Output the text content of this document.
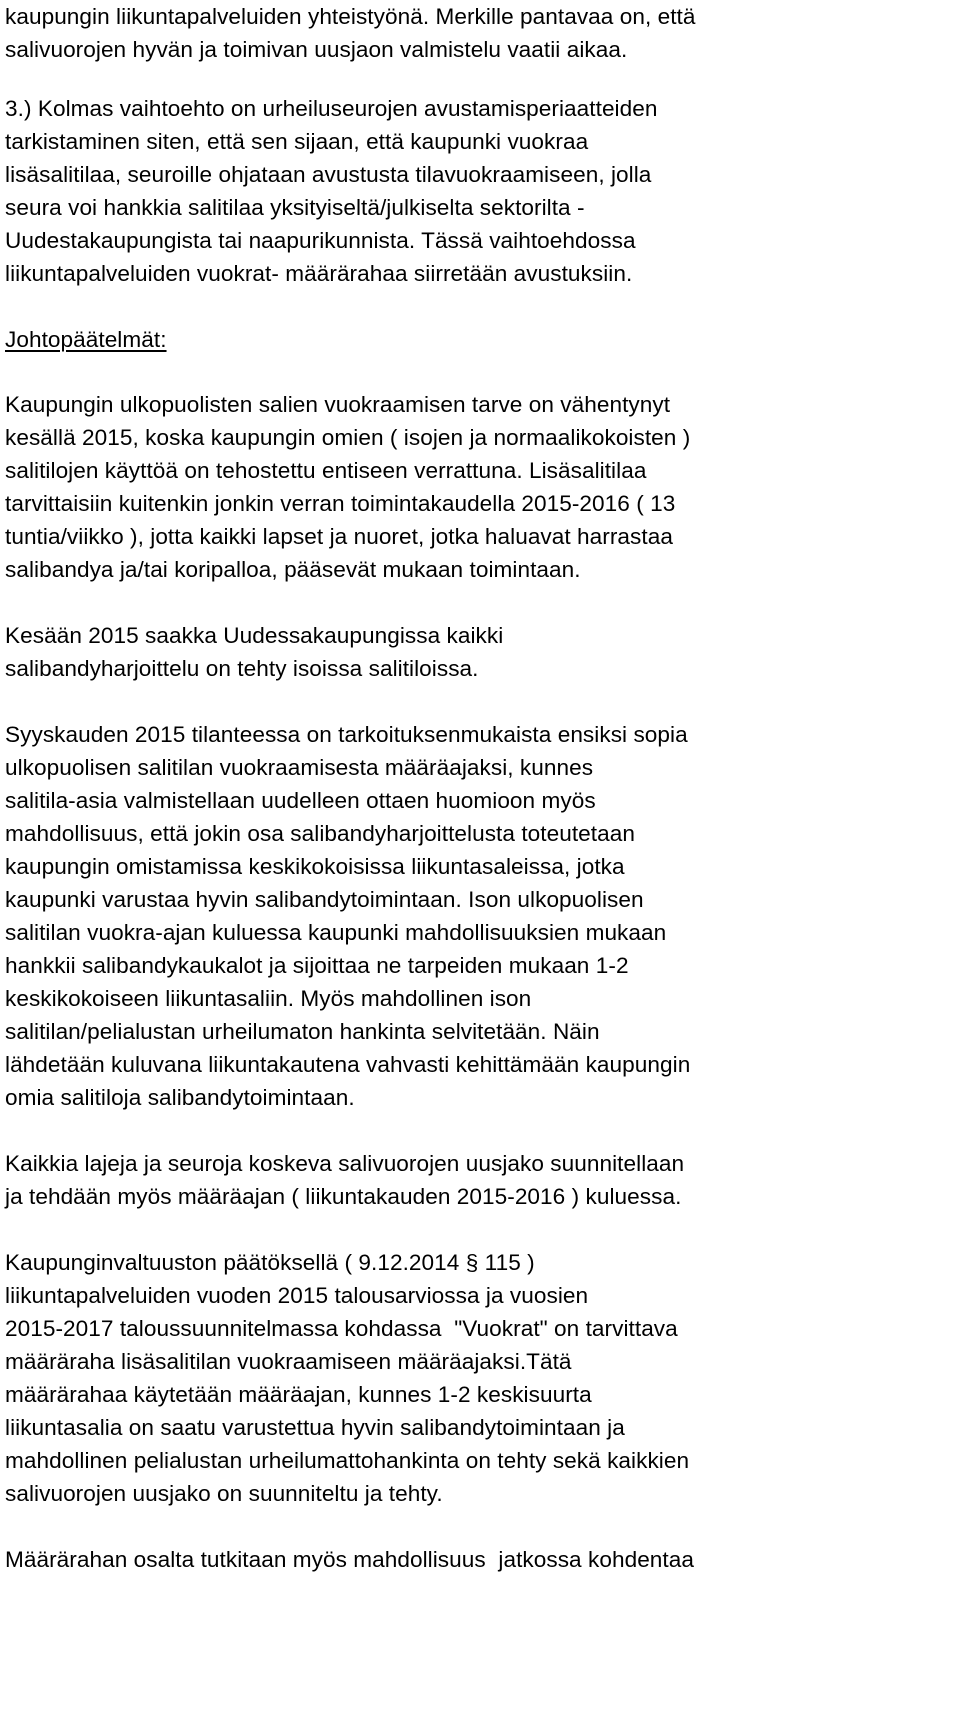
kaupungin liikuntapalveluiden yhteistyönä. Merkille pantavaa on, että
salivuorojen hyvän ja toimivan uusjaon valmistelu vaatii aikaa.
3.) Kolmas vaihtoehto on urheiluseurojen avustamisperiaatteiden
tarkistaminen siten, että sen sijaan, että kaupunki vuokraa
lisäsalitilaa, seuroille ohjataan avustusta tilavuokraamiseen, jolla
seura voi hankkia salitilaa yksityiseltä/julkiselta sektorilta -
Uudestakaupungista tai naapurikunnista. Tässä vaihtoehdossa
liikuntapalveluiden vuokrat- määrärahaa siirretään avustuksiin.
Johtopäätelmät:
Kaupungin ulkopuolisten salien vuokraamisen tarve on vähentynyt
kesällä 2015, koska kaupungin omien ( isojen ja normaalikokoisten )
salitilojen käyttöä on tehostettu entiseen verrattuna. Lisäsalitilaa
tarvittaisiin kuitenkin jonkin verran toimintakaudella 2015-2016 ( 13
tuntia/viikko ), jotta kaikki lapset ja nuoret, jotka haluavat harrastaa
salibandya ja/tai koripalloa, pääsevät mukaan toimintaan.
Kesään 2015 saakka Uudessakaupungissa kaikki
salibandyharjoittelu on tehty isoissa salitiloissa.
Syyskauden 2015 tilanteessa on tarkoituksenmukaista ensiksi sopia
ulkopuolisen salitilan vuokraamisesta määräajaksi, kunnes
salitila-asia valmistellaan uudelleen ottaen huomioon myös
mahdollisuus, että jokin osa salibandyharjoittelusta toteutetaan
kaupungin omistamissa keskikokoisissa liikuntasaleissa, jotka
kaupunki varustaa hyvin salibandytoimintaan. Ison ulkopuolisen
salitilan vuokra-ajan kuluessa kaupunki mahdollisuuksien mukaan
hankkii salibandykaukalot ja sijoittaa ne tarpeiden mukaan 1-2
keskikokoiseen liikuntasaliin. Myös mahdollinen ison
salitilan/pelialustan urheilumaton hankinta selvitetään. Näin
lähdetään kuluvana liikuntakautena vahvasti kehittämään kaupungin
omia salitiloja salibandytoimintaan.
Kaikkia lajeja ja seuroja koskeva salivuorojen uusjako suunnitellaan
ja tehdään myös määräajan ( liikuntakauden 2015-2016 ) kuluessa.
Kaupunginvaltuuston päätöksellä ( 9.12.2014 § 115 )
liikuntapalveluiden vuoden 2015 talousarviossa ja vuosien
2015-2017 taloussuunnitelmassa kohdassa  "Vuokrat" on tarvittava
määräraha lisäsalitilan vuokraamiseen määräajaksi.Tätä
määrärahaa käytetään määräajan, kunnes 1-2 keskisuurta
liikuntasalia on saatu varustettua hyvin salibandytoimintaan ja
mahdollinen pelialustan urheilumattohankinta on tehty sekä kaikkien
salivuorojen uusjako on suunniteltu ja tehty.
Määrärahan osalta tutkitaan myös mahdollisuus  jatkossa kohdentaa
